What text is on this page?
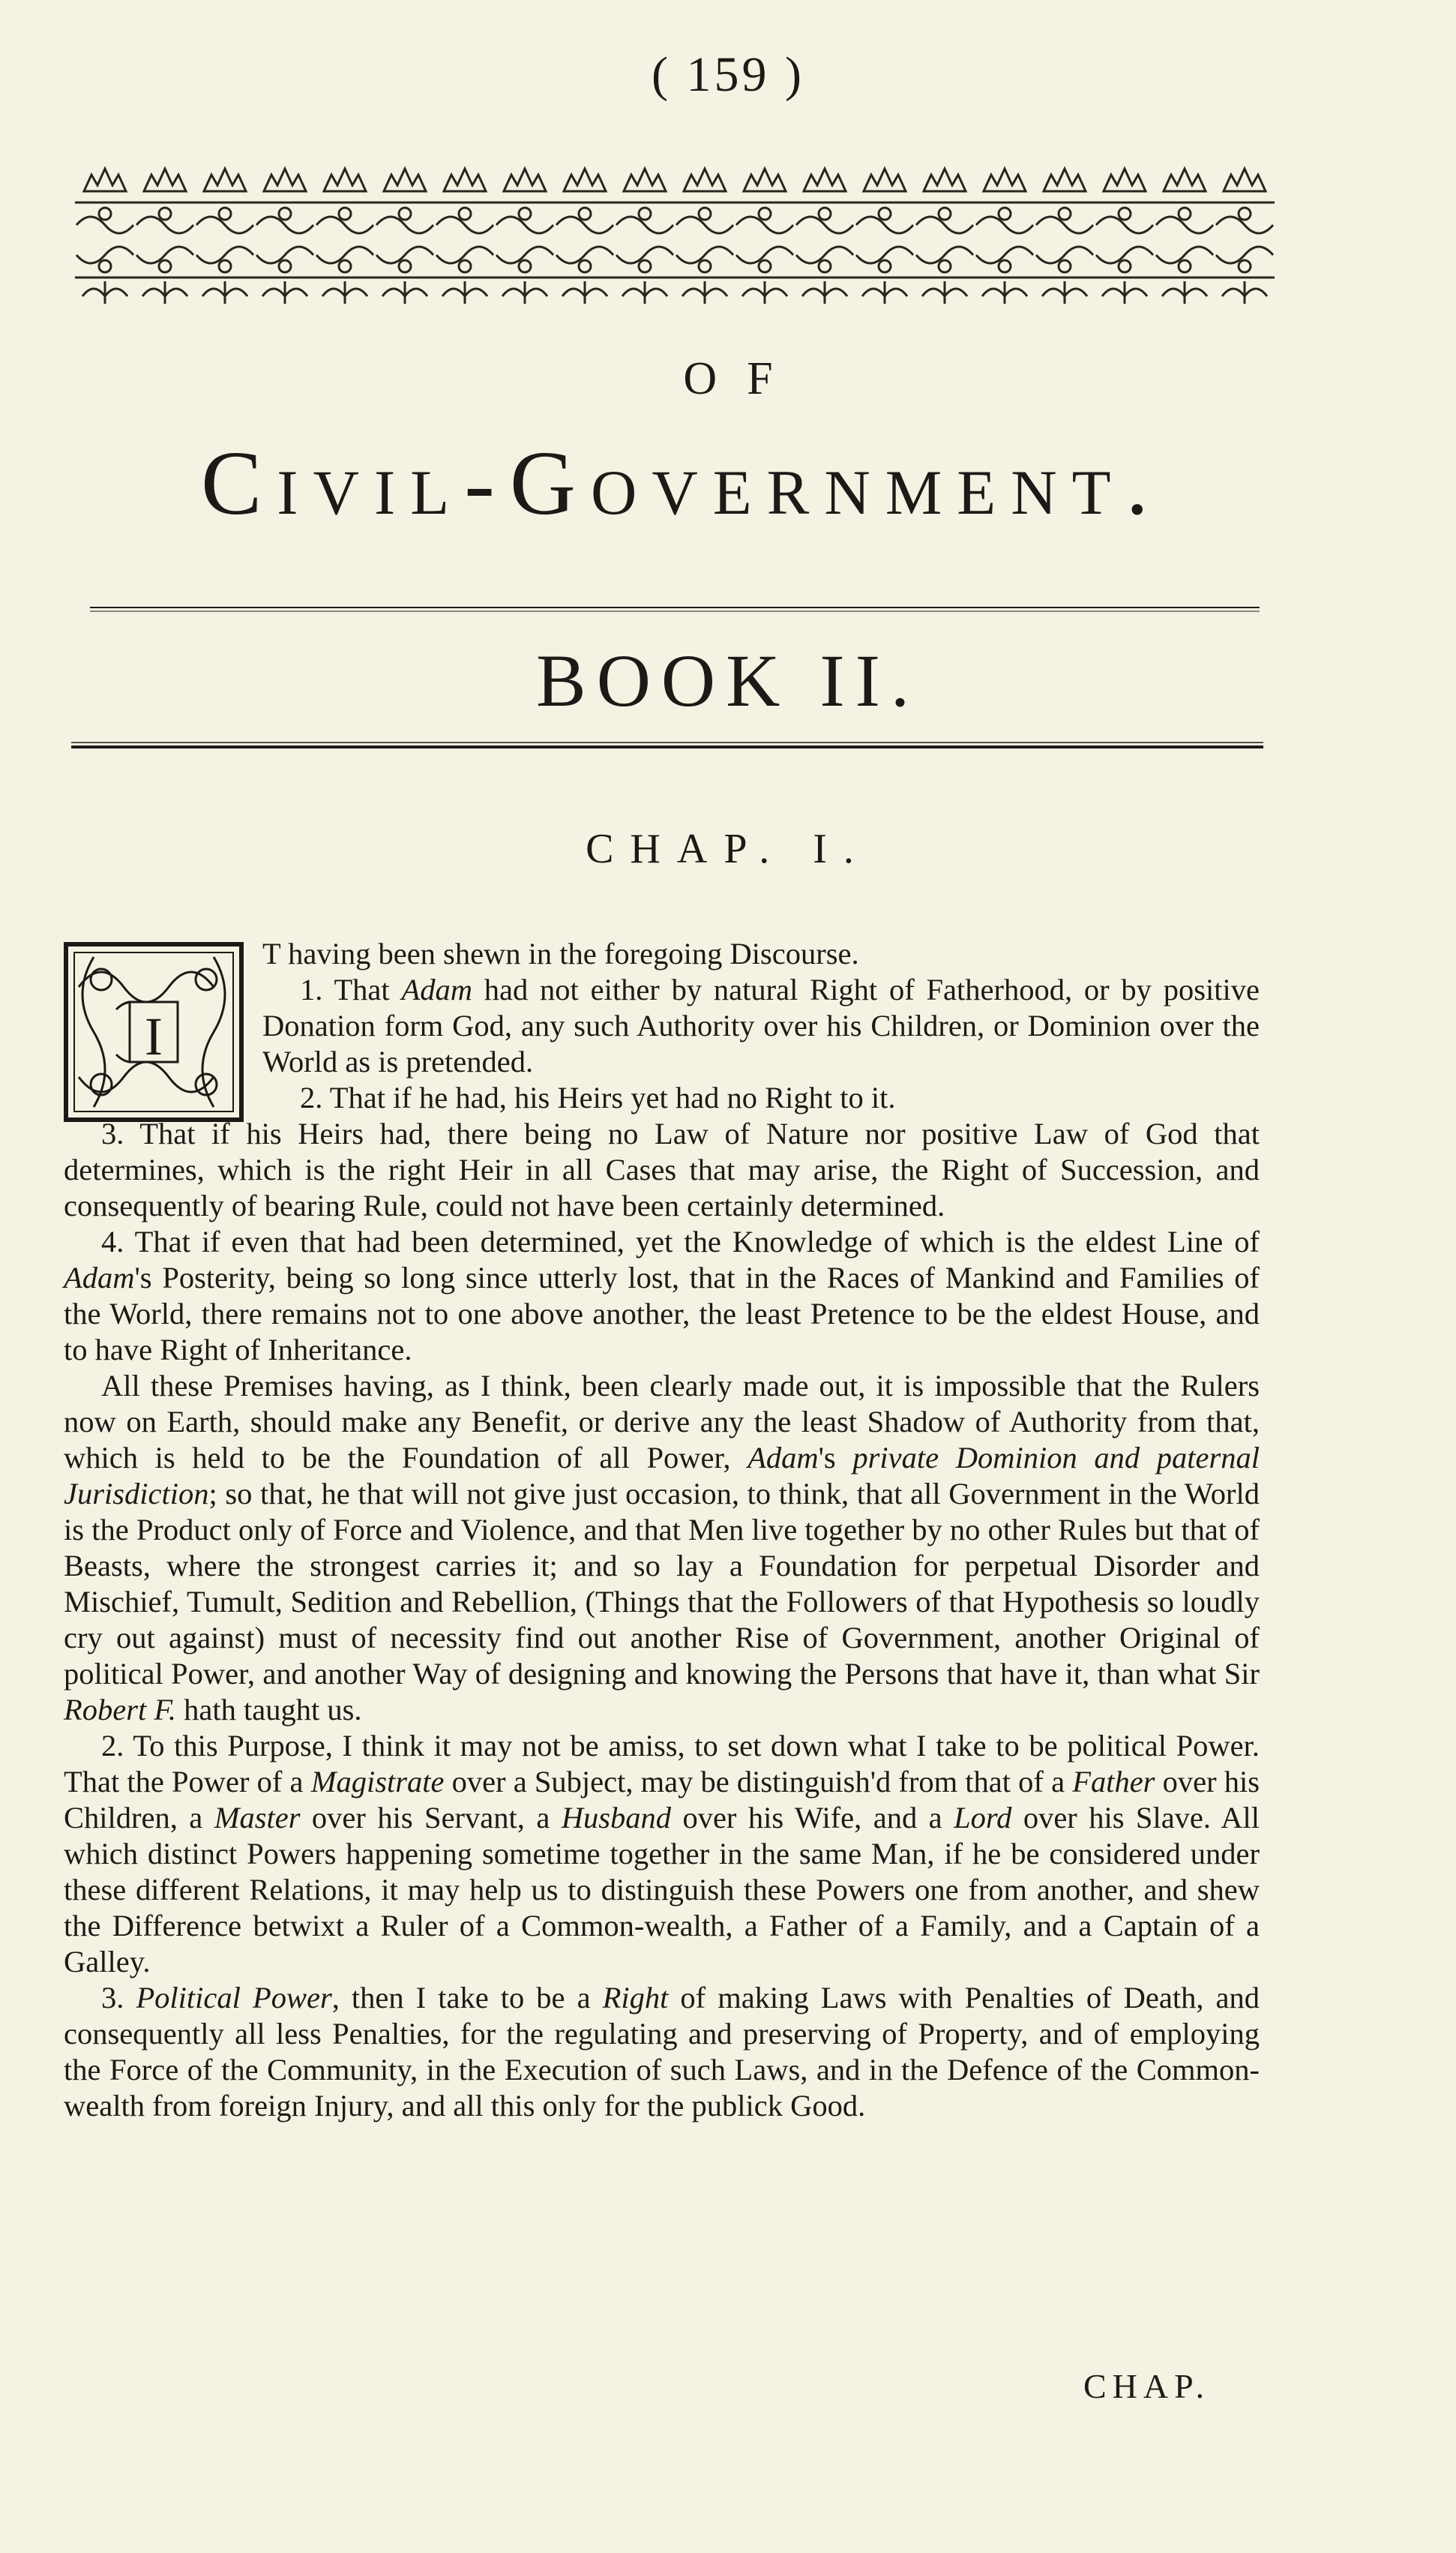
( 159 )
OF
Civil-Government.
BOOK II.
CHAP. I.
I

T having been shewn in the foregoing Discourse.

1. That Adam had not either by natural Right of Fatherhood, or by positive Donation form God, any such Authority over his Children, or Dominion over the World as is pretended.

2. That if he had, his Heirs yet had no Right to it.

3. That if his Heirs had, there being no Law of Nature nor positive Law of God that determines, which is the right Heir in all Cases that may arise, the Right of Succession, and consequently of bearing Rule, could not have been certainly determined.

4. That if even that had been determined, yet the Knowledge of which is the eldest Line of Adam's Posterity, being so long since utterly lost, that in the Races of Mankind and Families of the World, there remains not to one above another, the least Pretence to be the eldest House, and to have Right of Inheritance.

All these Premises having, as I think, been clearly made out, it is impossible that the Rulers now on Earth, should make any Benefit, or derive any the least Shadow of Authority from that, which is held to be the Foundation of all Power, Adam's private Dominion and paternal Jurisdiction; so that, he that will not give just occasion, to think, that all Government in the World is the Product only of Force and Violence, and that Men live together by no other Rules but that of Beasts, where the strongest carries it; and so lay a Foundation for perpetual Disorder and Mischief, Tumult, Sedition and Rebellion, (Things that the Followers of that Hypothesis so loudly cry out against) must of necessity find out another Rise of Government, another Original of political Power, and another Way of designing and knowing the Persons that have it, than what Sir Robert F. hath taught us.

2. To this Purpose, I think it may not be amiss, to set down what I take to be political Power. That the Power of a Magistrate over a Subject, may be distinguish'd from that of a Father over his Children, a Master over his Servant, a Husband over his Wife, and a Lord over his Slave. All which distinct Powers happening sometime together in the same Man, if he be considered under these different Relations, it may help us to distinguish these Powers one from another, and shew the Difference betwixt a Ruler of a Common-wealth, a Father of a Family, and a Captain of a Galley.

3. Political Power, then I take to be a Right of making Laws with Penalties of Death, and consequently all less Penalties, for the regulating and preserving of Property, and of employing the Force of the Community, in the Execution of such Laws, and in the Defence of the Common-wealth from foreign Injury, and all this only for the publick Good.

CHAP.
